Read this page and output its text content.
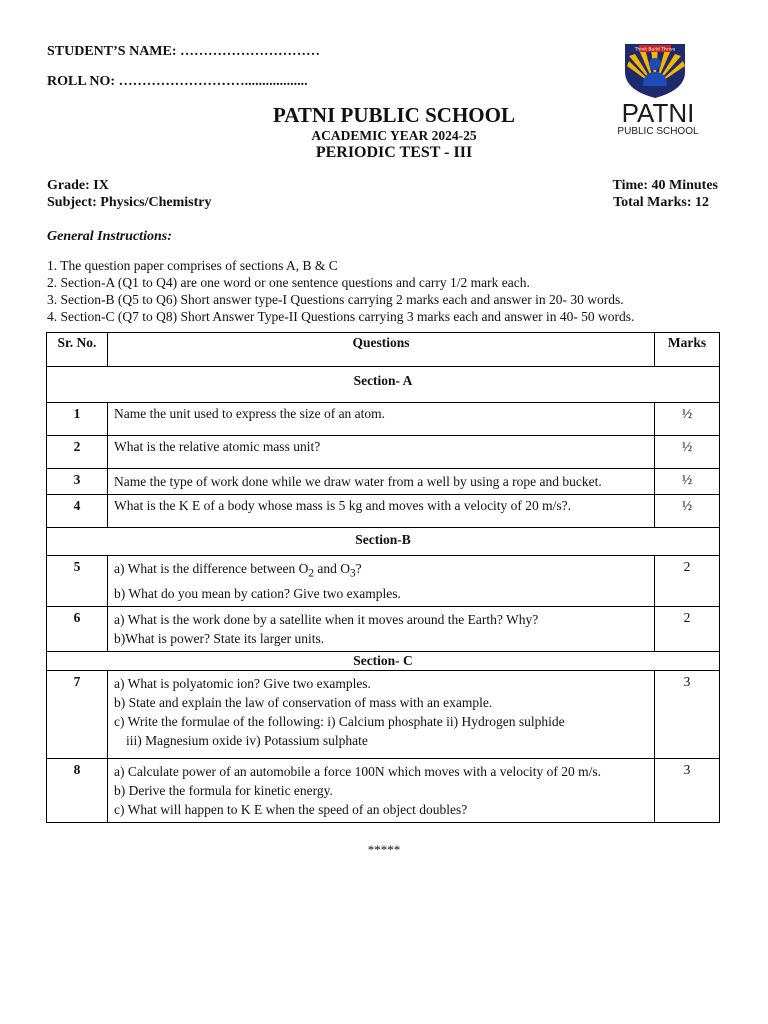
STUDENT’S NAME: …………………………
ROLL NO: ………………………..................
Think Build Thrive
PATNI
PUBLIC SCHOOL
PATNI PUBLIC SCHOOL
ACADEMIC YEAR 2024-25
PERIODIC TEST - III
Grade: IX
Subject: Physics/Chemistry
Time: 40 Minutes
Total Marks: 12
General Instructions:
1. The question paper comprises of sections A, B & C
2. Section-A (Q1 to Q4) are one word or one sentence questions and carry 1/2 mark each.
3. Section-B (Q5 to Q6) Short answer type-I Questions carrying 2 marks each and answer in 20- 30 words.
4. Section-C (Q7 to Q8) Short Answer Type-II Questions carrying 3 marks each and answer in 40- 50 words.
Sr. No.	Questions	Marks
Section- A		
1	Name the unit used to express the size of an atom.	½
2	What is the relative atomic mass unit?	½
3	Name the type of work done while we draw water from a well by using a rope and bucket.	½
4	What is the K E of a body whose mass is 5 kg and moves with a velocity of 20 m/s?.	½
Section-B		
5	a) What is the difference between $O_2$ and $O_3$?
b) What do you mean by cation? Give two examples.	2
6	a) What is the work done by a satellite when it moves around the Earth? Why?
b)What is power? State its larger units.	2
Section- C		
7	a) What is polyatomic ion? Give two examples.
b) State and explain the law of conservation of mass with an example.
c) Write the formulae of the following: i) Calcium phosphate ii) Hydrogen sulphide
iii) Magnesium oxide iv) Potassium sulphate	3
8	a) Calculate power of an automobile a force 100N which moves with a velocity of 20 m/s.
b) Derive the formula for kinetic energy.
c) What will happen to K E when the speed of an object doubles?	3
*****
